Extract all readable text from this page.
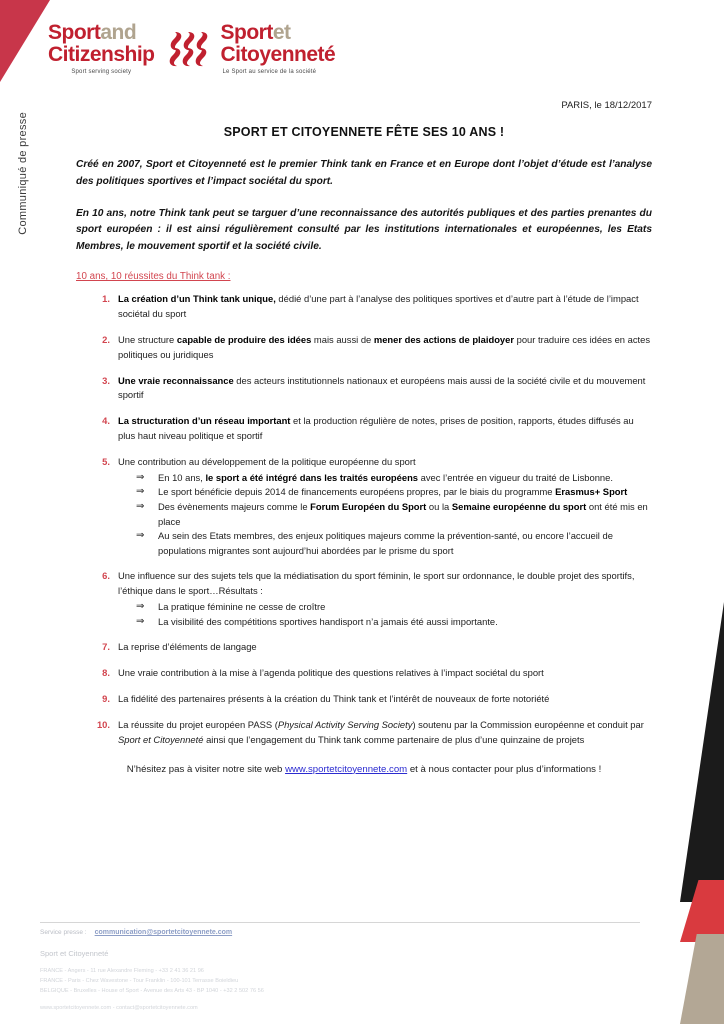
Sportand
Citizenship
Sport serving society
Sportet
Citoyenneté
Le Sport au service de la société
Communiqué de presse
PARIS, le 18/12/2017
SPORT ET CITOYENNETE FÊTE SES 10 ANS !
Créé en 2007, Sport et Citoyenneté est le premier Think tank en France et en Europe dont l’objet d’étude est l’analyse des politiques sportives et l’impact sociétal du sport.
En 10 ans, notre Think tank peut se targuer d’une reconnaissance des autorités publiques et des parties prenantes du sport européen : il est ainsi régulièrement consulté par les institutions internationales et européennes, les Etats Membres, le mouvement sportif et la société civile.
10 ans, 10 réussites du Think tank :
1. La création d’un Think tank unique, dédié d’une part à l’analyse des politiques sportives et d’autre part à l’étude de l’impact sociétal du sport
2. Une structure capable de produire des idées mais aussi de mener des actions de plaidoyer pour traduire ces idées en actes politiques ou juridiques
3. Une vraie reconnaissance des acteurs institutionnels nationaux et européens mais aussi de la société civile et du mouvement sportif
4. La structuration d’un réseau important et la production régulière de notes, prises de position, rapports, études diffusés au plus haut niveau politique et sportif
5. Une contribution au développement de la politique européenne du sport
⇒ En 10 ans, le sport a été intégré dans les traités européens avec l’entrée en vigueur du traité de Lisbonne.
⇒ Le sport bénéficie depuis 2014 de financements européens propres, par le biais du programme Erasmus+ Sport
⇒ Des évènements majeurs comme le Forum Européen du Sport ou la Semaine européenne du sport ont été mis en place
⇒ Au sein des Etats membres, des enjeux politiques majeurs comme la prévention-santé, ou encore l’accueil de populations migrantes sont aujourd’hui abordées par le prisme du sport
6. Une influence sur des sujets tels que la médiatisation du sport féminin, le sport sur ordonnance, le double projet des sportifs, l’éthique dans le sport…Résultats :
⇒ La pratique féminine ne cesse de croître
⇒ La visibilité des compétitions sportives handisport n’a jamais été aussi importante.
7. La reprise d’éléments de langage
8. Une vraie contribution à la mise à l’agenda politique des questions relatives à l’impact sociétal du sport
9. La fidélité des partenaires présents à la création du Think tank et l’intérêt de nouveaux de forte notoriété
10. La réussite du projet européen PASS (Physical Activity Serving Society) soutenu par la Commission européenne et conduit par Sport et Citoyenneté ainsi que l’engagement du Think tank comme partenaire de plus d’une quinzaine de projets
N’hésitez pas à visiter notre site web www.sportetcitoyennete.com et à nous contacter pour plus d’informations !
Service presse : communication@sportetcitoyennete.com
Sport et Citoyenneté
FRANCE - Angers - 11 rue Alexandre Fleming - +33 2 41 36 21 96
FRANCE - Paris - Chez Wavestone - Tour Franklin - 100-101 Terrasse Boieldieu
BELGIQUE - Bruxelles - House of Sport - Avenue des Arts 43 - BP 1040 - +32 2 502 76 56
www.sportetcitoyennete.com - contact@sportetcitoyennete.com
